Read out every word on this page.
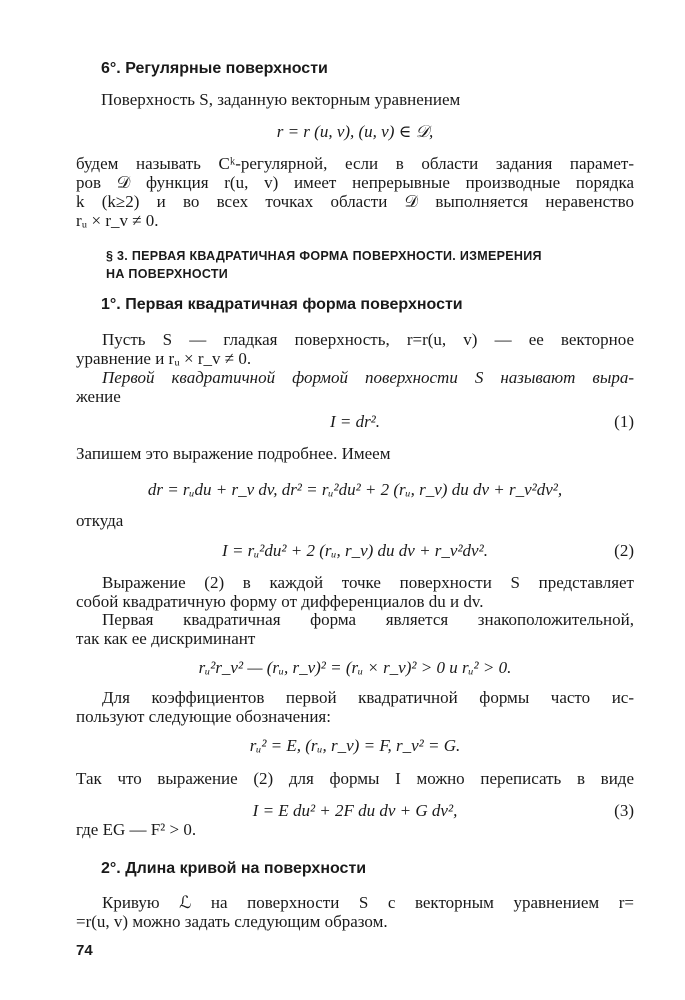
6°. Регулярные поверхности
Поверхность S, заданную векторным уравнением
r = r (u, v), (u, v) ∈ 𝒟,
будем называть Cᵏ-регулярной, если в области задания парамет-
ров 𝒟 функция r(u, v) имеет непрерывные производные порядка
k (k≥2) и во всех точках области 𝒟 выполняется неравенство
rᵤ × r_v ≠ 0.
§ 3. ПЕРВАЯ КВАДРАТИЧНАЯ ФОРМА ПОВЕРХНОСТИ. ИЗМЕРЕНИЯ
НА ПОВЕРХНОСТИ
1°. Первая квадратичная форма поверхности
Пусть S — гладкая поверхность, r=r(u, v) — ее векторное
уравнение и rᵤ × r_v ≠ 0.
Первой квадратичной формой поверхности S называют выра-
жение
I = dr².	(1)
Запишем это выражение подробнее. Имеем
dr = rᵤdu + r_v dv, dr² = rᵤ²du² + 2 (rᵤ, r_v) du dv + r_v²dv²,
откуда
I = rᵤ²du² + 2 (rᵤ, r_v) du dv + r_v²dv².	(2)
Выражение (2) в каждой точке поверхности S представляет
собой квадратичную форму от дифференциалов du и dv.
Первая квадратичная форма является знакоположительной,
так как ее дискриминант
rᵤ²r_v² — (rᵤ, r_v)² = (rᵤ × r_v)² > 0 и rᵤ² > 0.
Для коэффициентов первой квадратичной формы часто ис-
пользуют следующие обозначения:
rᵤ² = E, (rᵤ, r_v) = F, r_v² = G.
Так что выражение (2) для формы I можно переписать в виде
I = E du² + 2F du dv + G dv²,	(3)
где EG — F² > 0.
2°. Длина кривой на поверхности
Кривую ℒ на поверхности S с векторным уравнением r=
=r(u, v) можно задать следующим образом.
74
